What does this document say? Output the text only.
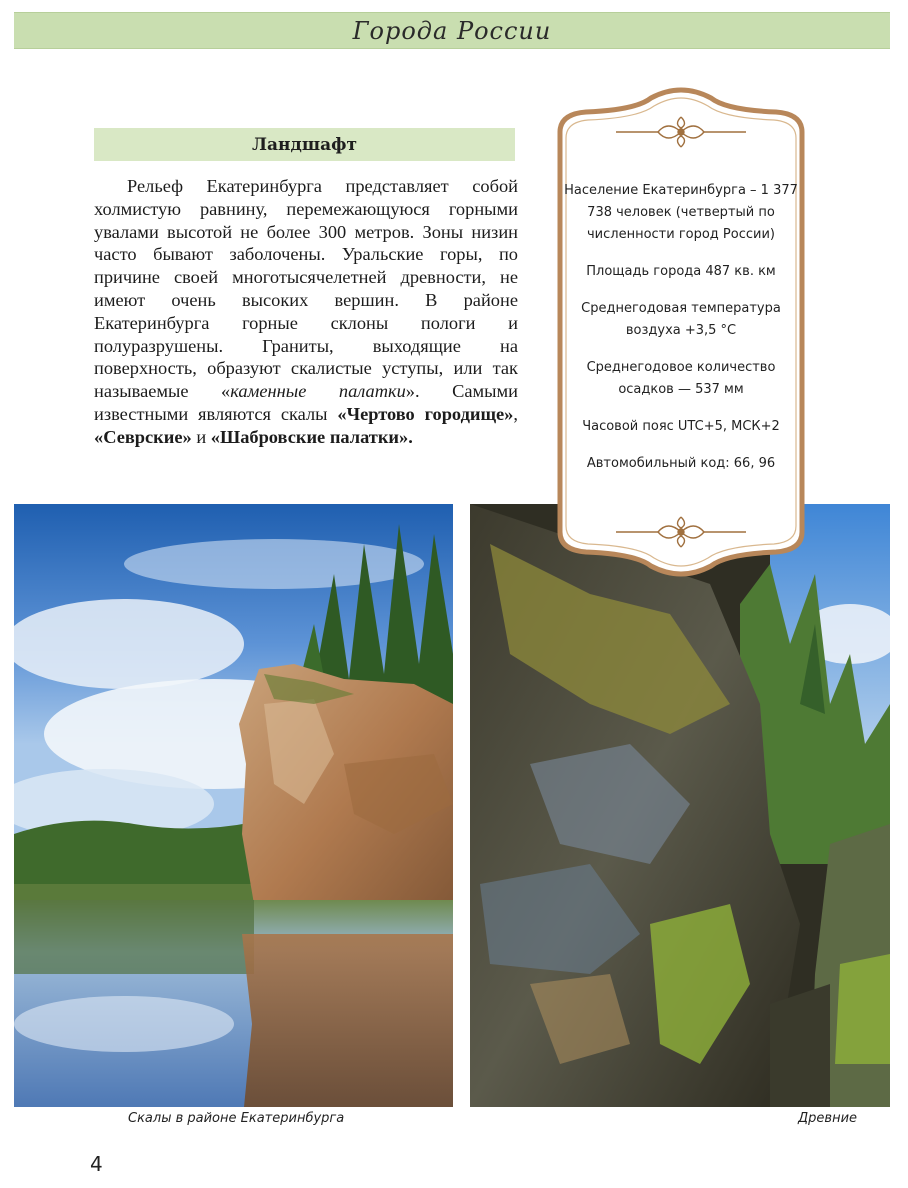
Города России
Ландшафт

Рельеф Екатеринбурга представляет собой холмистую равнину, перемежающуюся горными увалами высотой не более 300 метров. Зоны низин часто бывают заболочены. Уральские горы, по причине своей многотысячелетней древности, не имеют очень высоких вершин. В районе Екатеринбурга горные склоны пологи и полуразрушены. Граниты, выходящие на поверхность, образуют скалистые уступы, или так называемые «каменные палатки». Самыми известными являются скалы «Чертово городище», «Севрские» и «Шабровские палатки».

Население Екатеринбурга – 1 377 738 человек (четвертый по численности город России)
Площадь города 487 кв. км
Среднегодовая температура воздуха +3,5 °С
Среднегодовое количество осадков — 537 мм
Часовой пояс UTC+5, МСК+2
Автомобильный код: 66, 96
Скалы в районе Екатеринбурга	Древние
4
